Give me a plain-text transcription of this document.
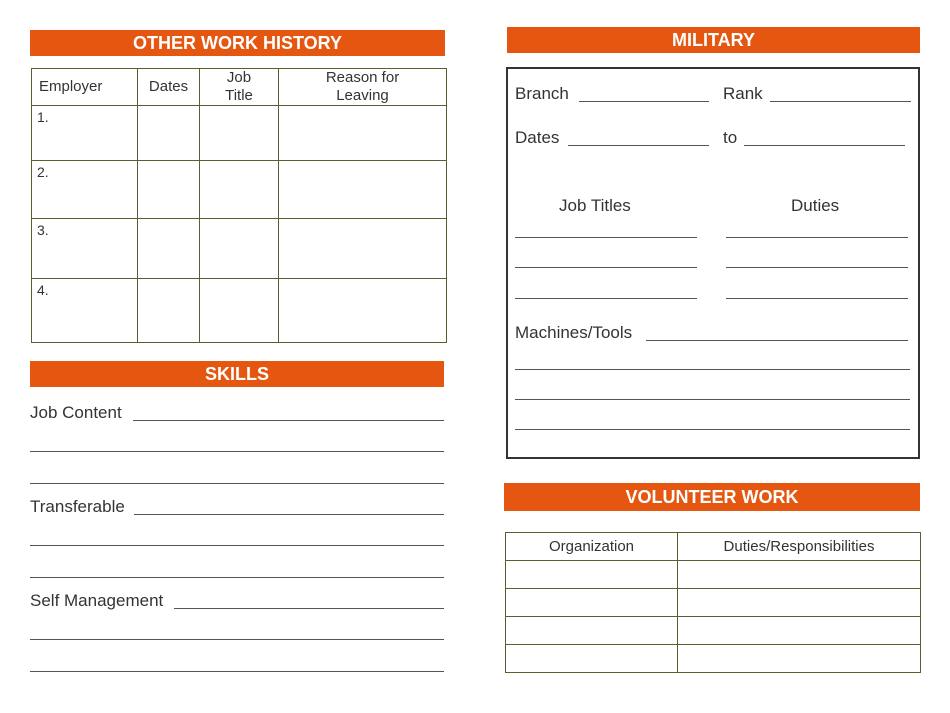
OTHER WORK HISTORY
Employer	Dates	Job Title	Reason for Leaving
1.			
2.			
3.			
4.			
SKILLS
Job Content
Transferable
Self Management
MILITARY
Branch	Rank
Dates	to
Job Titles	Duties
Machines/Tools
VOLUNTEER WORK
Organization	Duties/Responsibilities
